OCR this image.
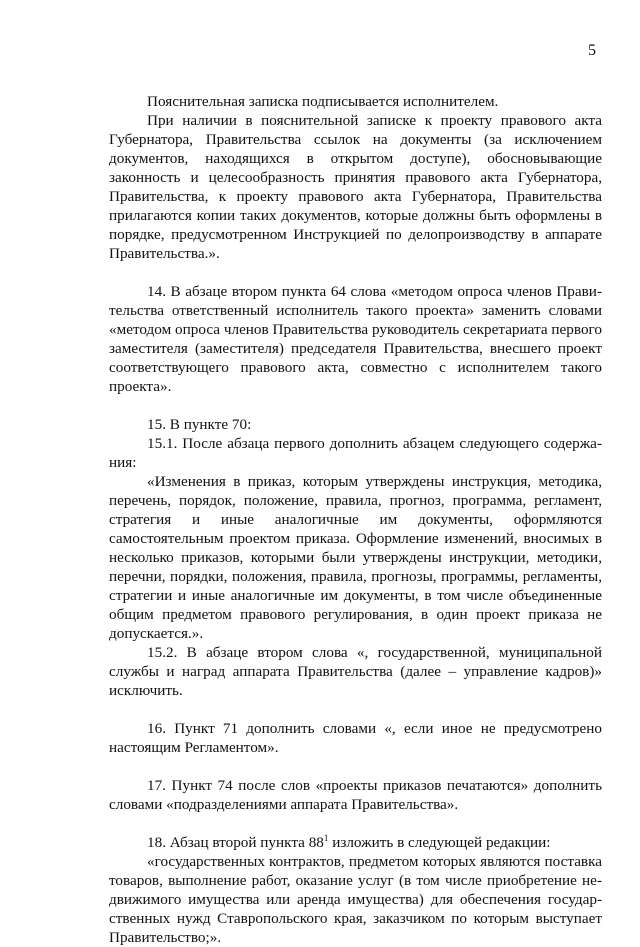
5

Пояснительная записка подписывается исполнителем.

При наличии в пояснительной записке к проекту правового акта Губернатора, Правительства ссылок на документы (за исключением документов, находящихся в открытом доступе), обосновывающие законность и целесообразность принятия правового акта Губернатора, Правительства, к проекту правового акта Губернатора, Правительства прилагаются копии таких документов, которые должны быть оформлены в порядке, предусмотренном Инструкцией по делопроизводству в аппарате Правительства.».

14. В абзаце втором пункта 64 слова «методом опроса членов Правительства ответственный исполнитель такого проекта» заменить словами «методом опроса членов Правительства руководитель секретариата первого заместителя (заместителя) председателя Правительства, внесшего проект соответствующего правового акта, совместно с исполнителем такого проекта».

15. В пункте 70:

15.1. После абзаца первого дополнить абзацем следующего содержания:

«Изменения в приказ, которым утверждены инструкция, методика, перечень, порядок, положение, правила, прогноз, программа, регламент, стратегия и иные аналогичные им документы, оформляются самостоятельным проектом приказа. Оформление изменений, вносимых в несколько приказов, которыми были утверждены инструкции, методики, перечни, порядки, положения, правила, прогнозы, программы, регламенты, стратегии и иные аналогичные им документы, в том числе объединенные общим предметом правового регулирования, в один проект приказа не допускается.».

15.2. В абзаце втором слова «, государственной, муниципальной службы и наград аппарата Правительства (далее – управление кадров)» исключить.

16. Пункт 71 дополнить словами «, если иное не предусмотрено настоящим Регламентом».

17. Пункт 74 после слов «проекты приказов печатаются» дополнить словами «подразделениями аппарата Правительства».

18. Абзац второй пункта $88^1$ изложить в следующей редакции:

«государственных контрактов, предметом которых являются поставка товаров, выполнение работ, оказание услуг (в том числе приобретение недвижимого имущества или аренда имущества) для обеспечения государственных нужд Ставропольского края, заказчиком по которым выступает Правительство;».
